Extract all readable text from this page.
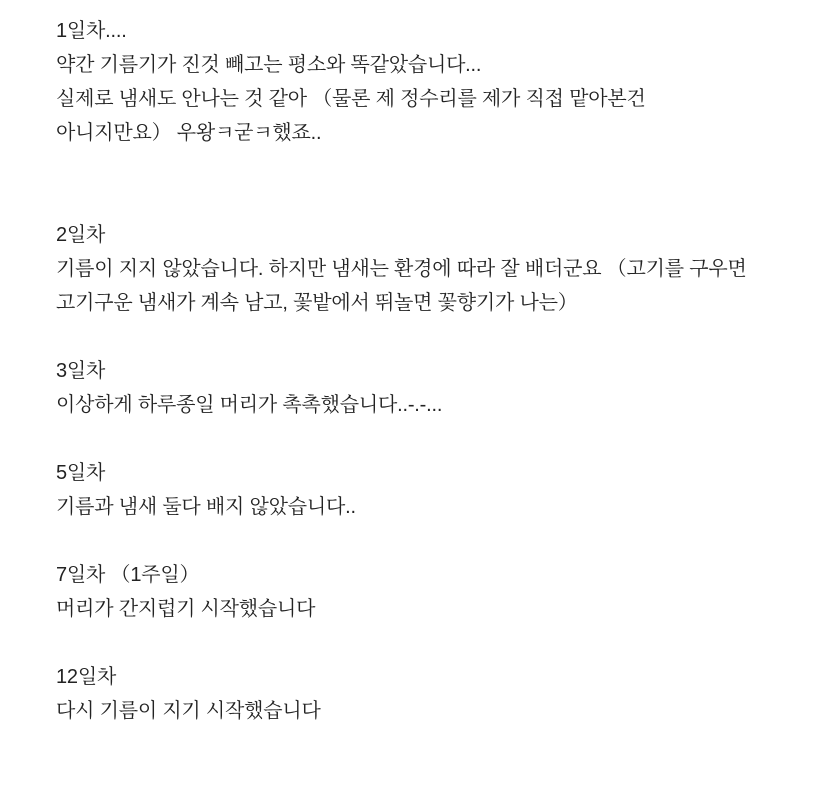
1일차....

약간 기름기가 진것 빼고는 평소와 똑같았습니다...

실제로 냄새도 안나는 것 같아 （물론 제 정수리를 제가 직접 맡아본건 아니지만요） 우왕ㅋ굳ㅋ했죠..

2일차

기름이 지지 않았습니다. 하지만 냄새는 환경에 따라 잘 배더군요 （고기를 구우면 고기구운 냄새가 계속 남고, 꽃밭에서 뛰놀면 꽃향기가 나는）

3일차

이상하게 하루종일 머리가 촉촉했습니다..-.-...

5일차

기름과 냄새 둘다 배지 않았습니다..

7일차 （1주일）

머리가 간지럽기 시작했습니다

12일차

다시 기름이 지기 시작했습니다
